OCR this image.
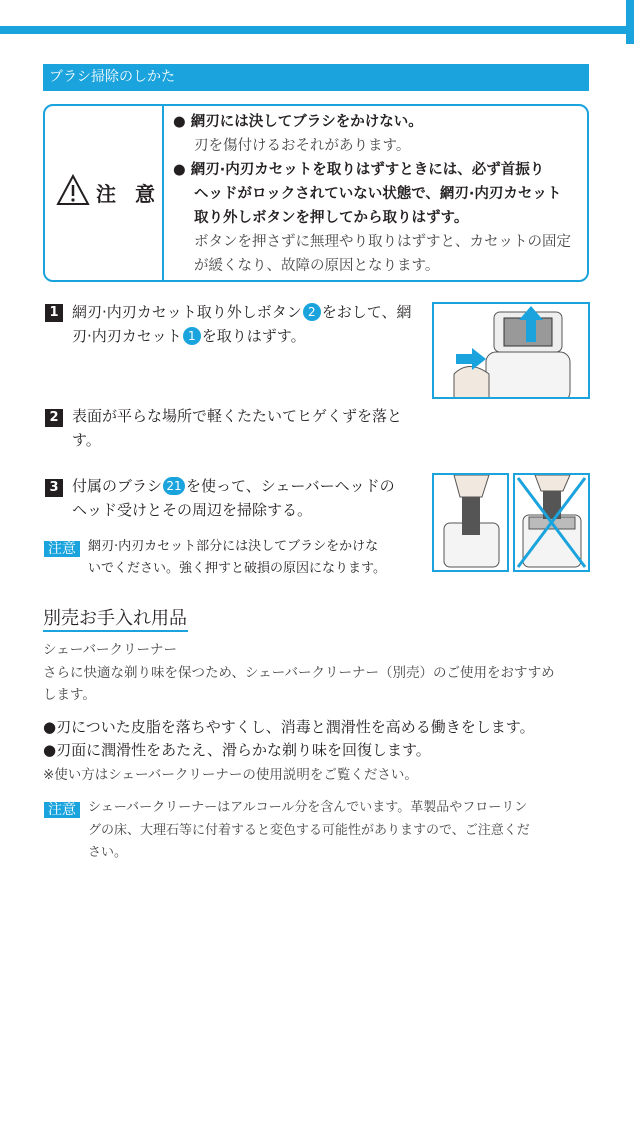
ブラシ掃除のしかた
注 意
● 網刃には決してブラシをかけない。
刃を傷付けるおそれがあります。
● 網刃·内刃カセットを取りはずすときには、必ず首振り
ヘッドがロックされていない状態で、網刃·内刃カセット
取り外しボタンを押してから取りはずす。
ボタンを押さずに無理やり取りはずすと、カセットの固定
が緩くなり、故障の原因となります。
1 網刃·内刃カセット取り外しボタン 2 をおして、網
刃·内刃カセット 1 を取りはずす。
2 表面が平らな場所で軽くたたいてヒゲくずを落と
す。
3 付属のブラシ 21 を使って、シェーバーヘッドの
ヘッド受けとその周辺を掃除する。
注意 網刃·内刃カセット部分には決してブラシをかけな
いでください。強く押すと破損の原因になります。
別売お手入れ用品
シェーバークリーナー
さらに快適な剃り味を保つため、シェーバークリーナー（別売）のご使用をおすすめ
します。
●刃についた皮脂を落ちやすくし、消毒と潤滑性を高める働きをします。
●刃面に潤滑性をあたえ、滑らかな剃り味を回復します。
※使い方はシェーバークリーナーの使用説明をご覧ください。
注意 シェーバークリーナーはアルコール分を含んでいます。革製品やフローリン
グの床、大理石等に付着すると変色する可能性がありますので、ご注意くだ
さい。
